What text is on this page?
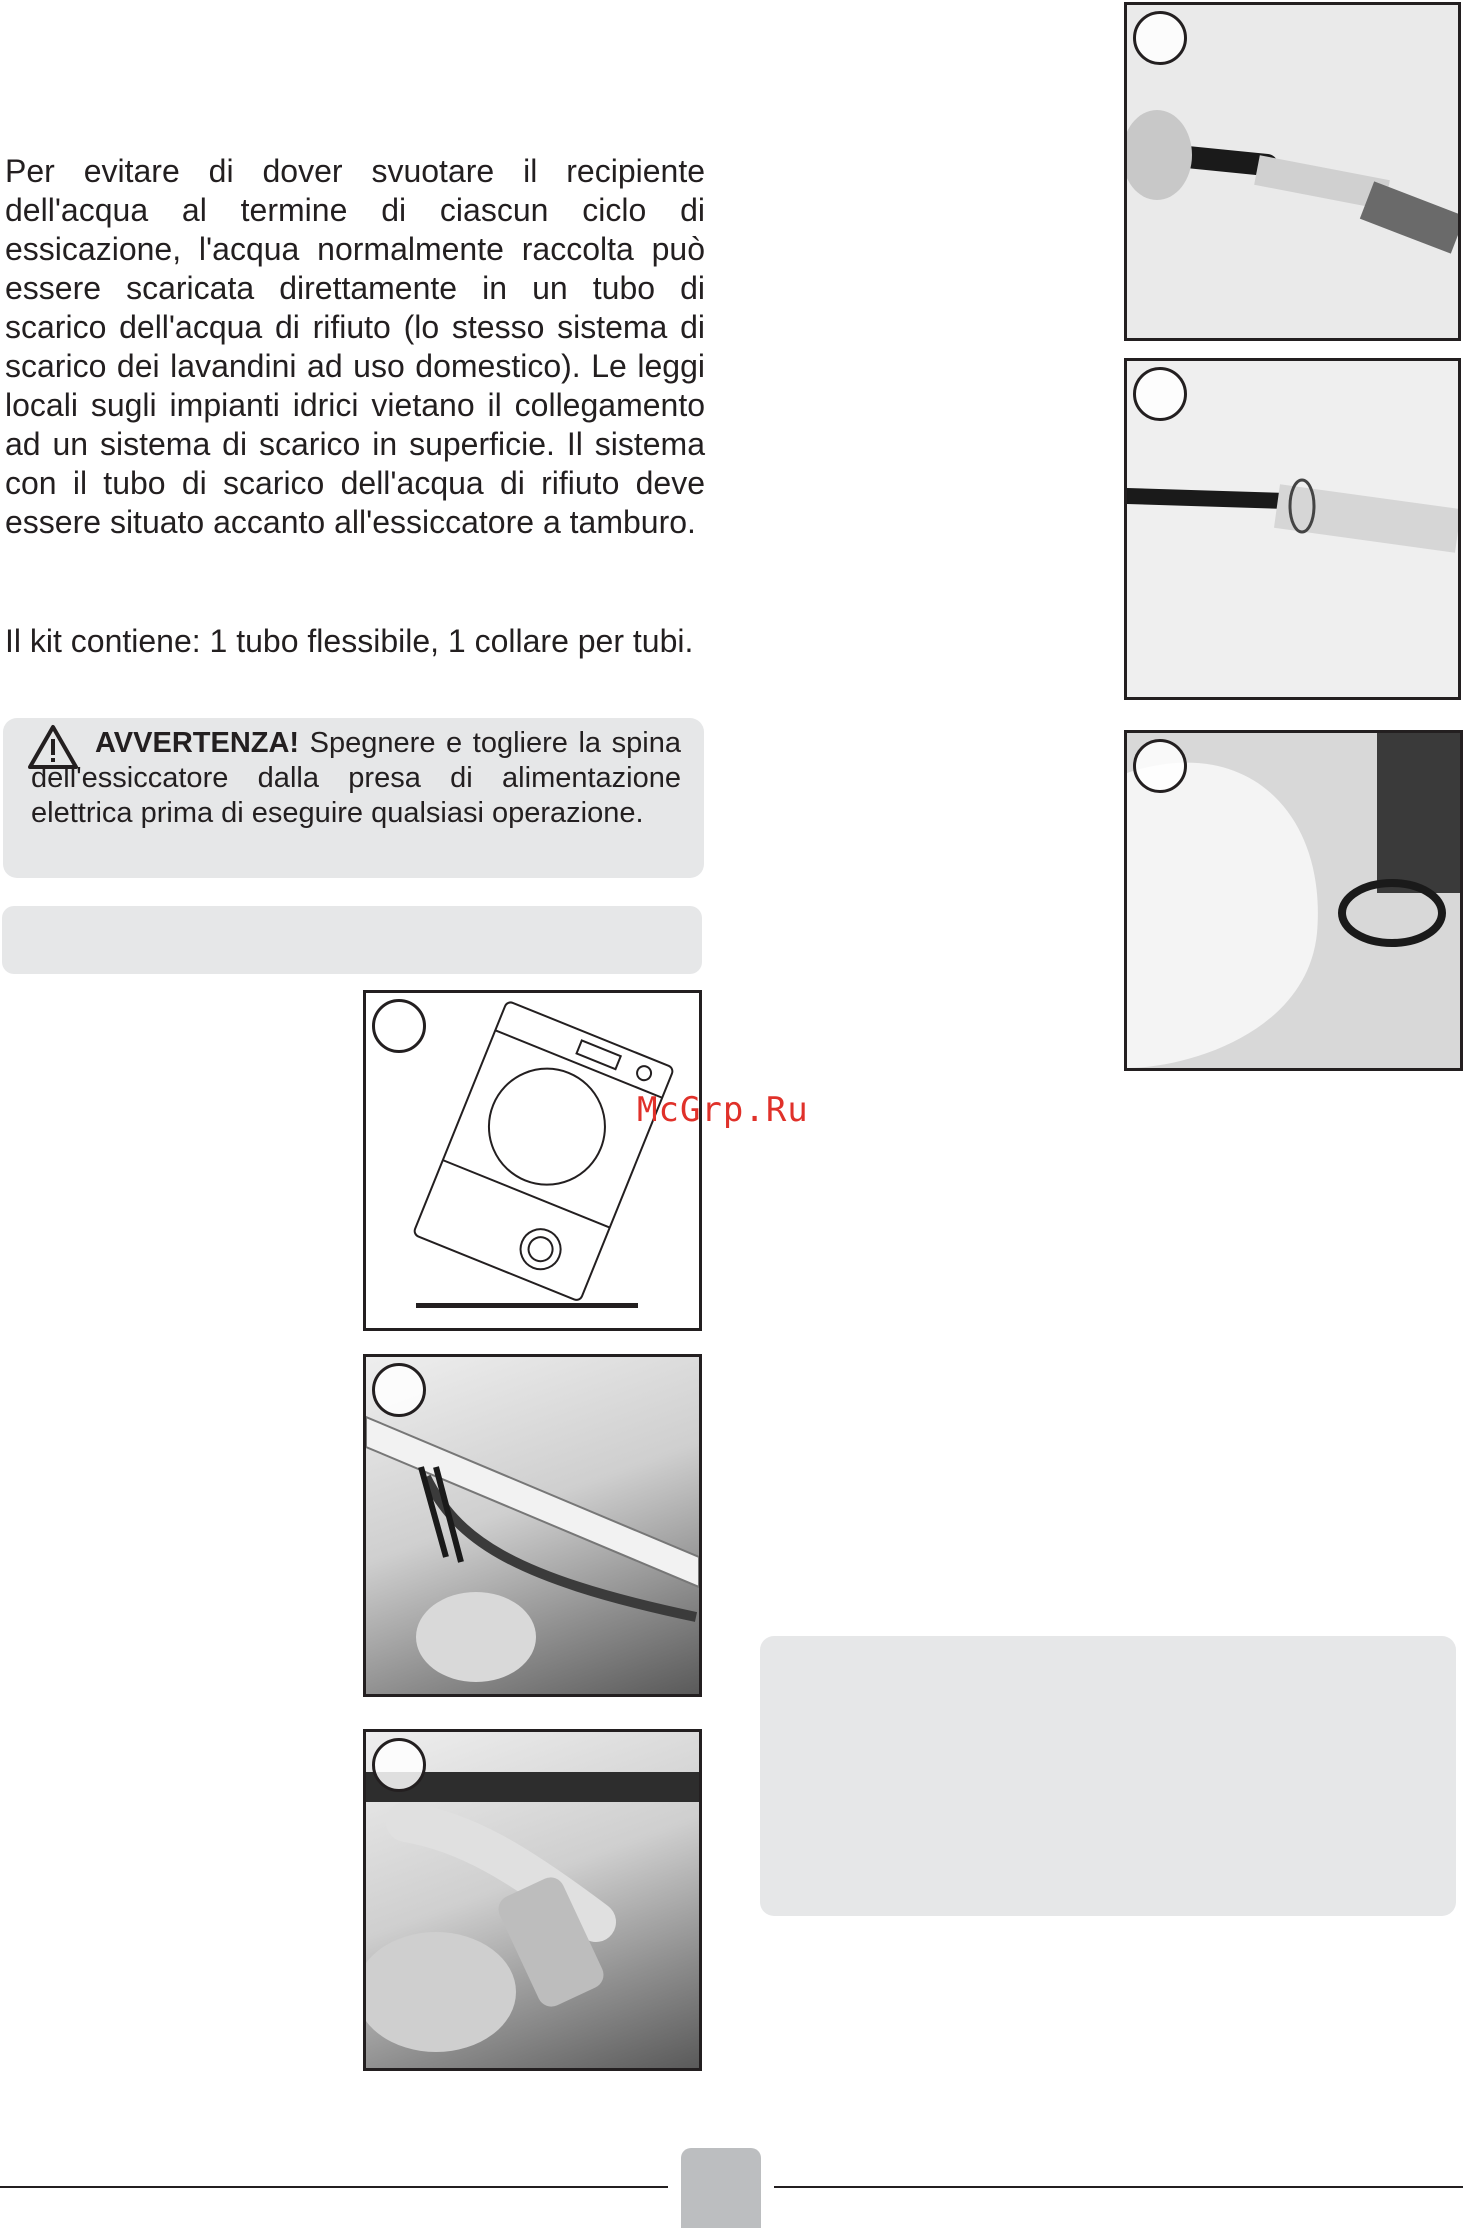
Per evitare di dover svuotare il recipiente dell'acqua al termine di ciascun ciclo di essicazione, l'acqua normalmente raccolta può essere scaricata direttamente in un tubo di scarico dell'acqua di rifiuto (lo stesso sistema di scarico dei lavandini ad uso domestico). Le leggi locali sugli impianti idrici vietano il collegamento ad un sistema di scarico in superficie. Il sistema con il tubo di scarico dell'acqua di rifiuto deve essere situato accanto all'essiccatore a tamburo.

Il kit contiene: 1 tubo flessibile, 1 collare per tubi.

AVVERTENZA! Spegnere e togliere la spina dell'essiccatore dalla presa di alimentazione elettrica prima di eseguire qualsiasi operazione.

McGrp.Ru
